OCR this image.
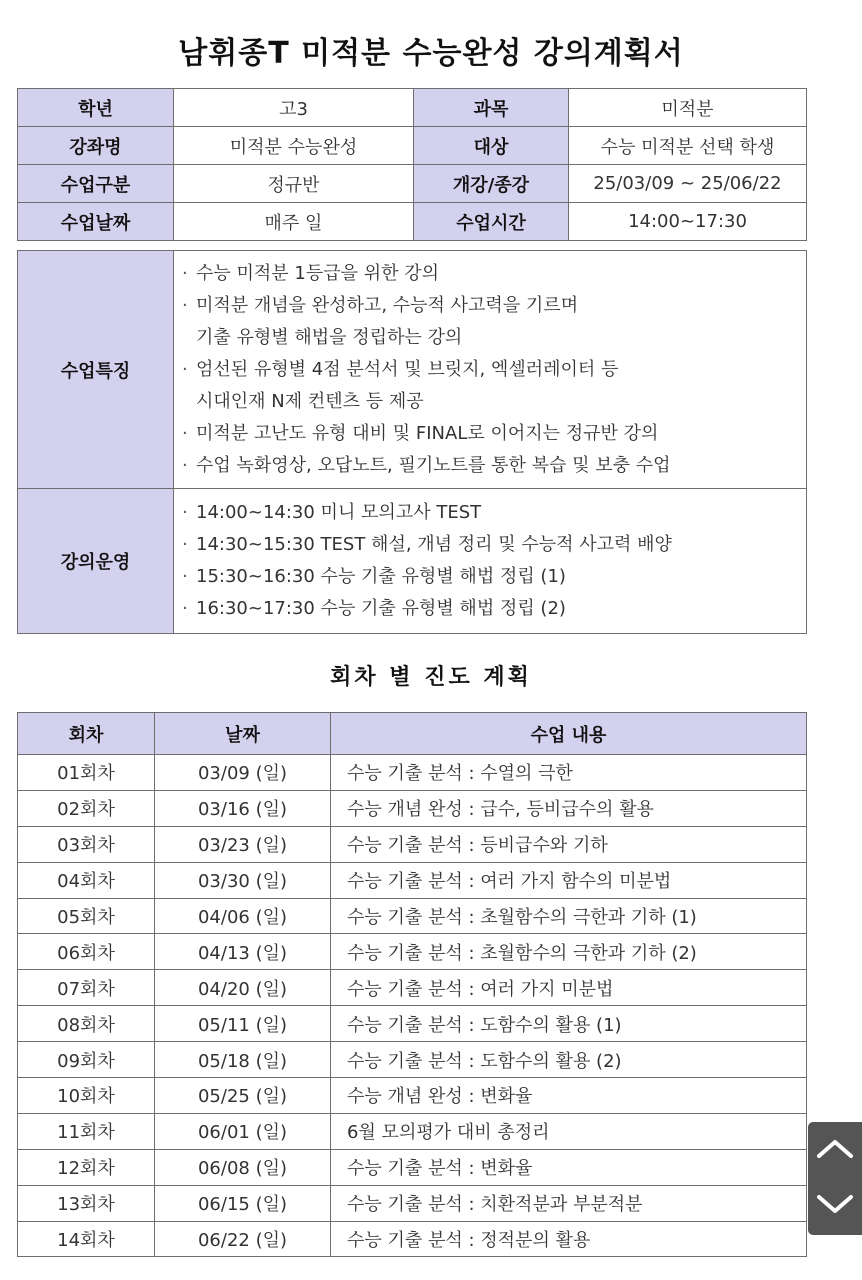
남휘종T 미적분 수능완성 강의계획서
학년	고3	과목	미적분
강좌명	미적분 수능완성	대상	수능 미적분 선택 학생
수업구분	정규반	개강/종강	25/03/09 ~ 25/06/22
수업날짜	매주 일	수업시간	14:00~17:30
수업특징	
· 수능 미적분 1등급을 위한 강의
· 미적분 개념을 완성하고, 수능적 사고력을 기르며
기출 유형별 해법을 정립하는 강의
· 엄선된 유형별 4점 분석서 및 브릿지, 엑셀러레이터 등
시대인재 N제 컨텐츠 등 제공
· 미적분 고난도 유형 대비 및 FINAL로 이어지는 정규반 강의
· 수업 녹화영상, 오답노트, 필기노트를 통한 복습 및 보충 수업

강의운영	
· 14:00~14:30 미니 모의고사 TEST
· 14:30~15:30 TEST 해설, 개념 정리 및 수능적 사고력 배양
· 15:30~16:30 수능 기출 유형별 해법 정립 (1)
· 16:30~17:30 수능 기출 유형별 해법 정립 (2)
회차 별 진도 계획
회차	날짜	수업 내용
01회차	03/09 (일)	수능 기출 분석 : 수열의 극한
02회차	03/16 (일)	수능 개념 완성 : 급수, 등비급수의 활용
03회차	03/23 (일)	수능 기출 분석 : 등비급수와 기하
04회차	03/30 (일)	수능 기출 분석 : 여러 가지 함수의 미분법
05회차	04/06 (일)	수능 기출 분석 : 초월함수의 극한과 기하 (1)
06회차	04/13 (일)	수능 기출 분석 : 초월함수의 극한과 기하 (2)
07회차	04/20 (일)	수능 기출 분석 : 여러 가지 미분법
08회차	05/11 (일)	수능 기출 분석 : 도함수의 활용 (1)
09회차	05/18 (일)	수능 기출 분석 : 도함수의 활용 (2)
10회차	05/25 (일)	수능 개념 완성 : 변화율
11회차	06/01 (일)	6월 모의평가 대비 총정리
12회차	06/08 (일)	수능 기출 분석 : 변화율
13회차	06/15 (일)	수능 기출 분석 : 치환적분과 부분적분
14회차	06/22 (일)	수능 기출 분석 : 정적분의 활용
